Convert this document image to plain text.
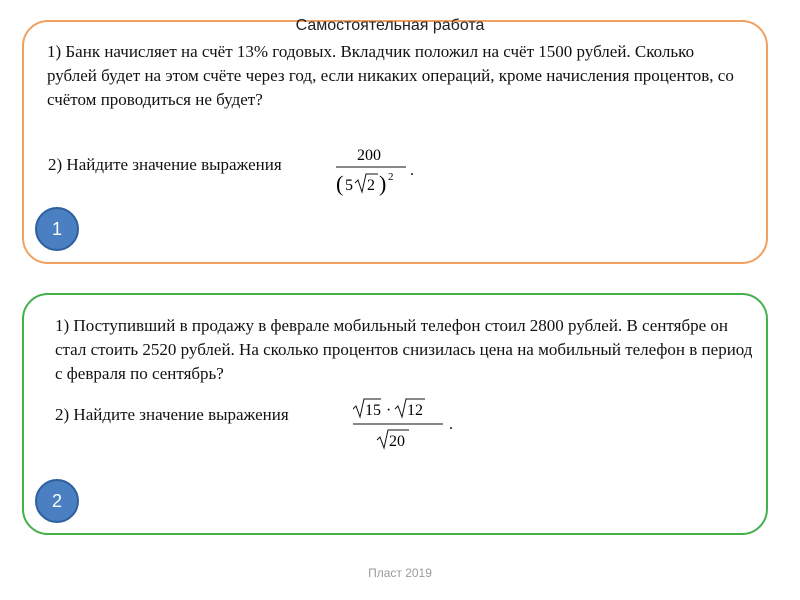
Самостоятельная работа
1) Банк начисляет на счёт 13% годовых. Вкладчик положил на счёт 1500 рублей. Сколько рублей будет на этом счёте через год, если никаких операций, кроме начисления процентов, со счётом проводиться не будет?
2) Найдите значение выражения	200
( 5 2 ) 2 .
1
1) Поступивший в продажу в феврале мобильный телефон стоил 2800 рублей. В сентябре он стал стоить 2520 рублей. На сколько процентов снизилась цена на мобильный телефон в период с февраля по сентябрь?
2) Найдите значение выражения	15 · 12
20
.
2
Пласт 2019
